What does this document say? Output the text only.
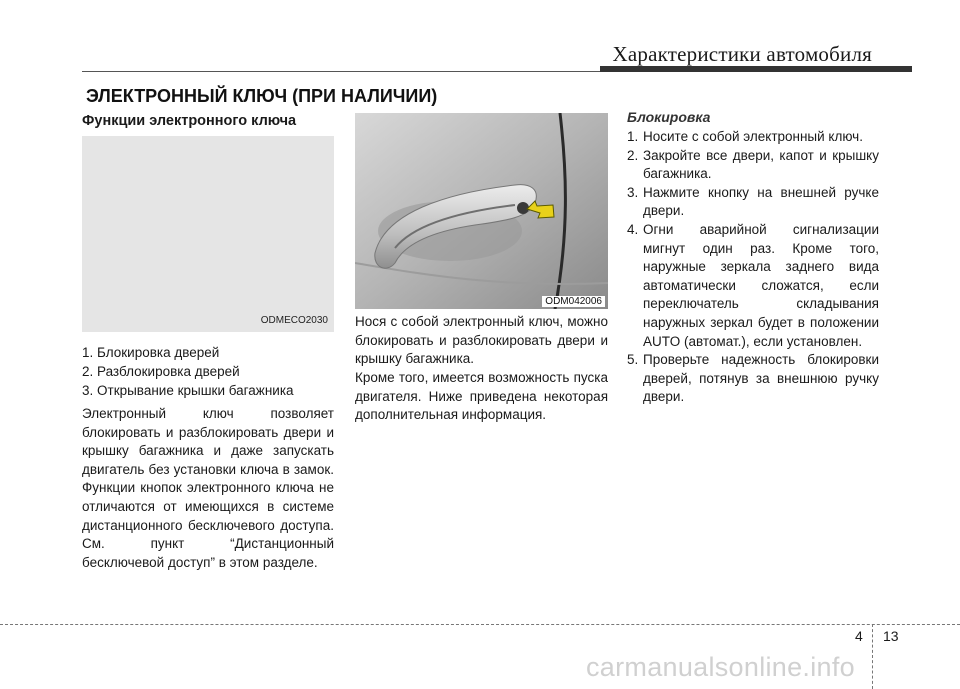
Характеристики автомобиля
ЭЛЕКТРОННЫЙ КЛЮЧ (ПРИ НАЛИЧИИ)
Функции электронного ключа
ODMECO2030
1. Блокировка дверей
2. Разблокировка дверей
3. Открывание крышки багажника
Электронный ключ позволяет блокировать и разблокировать двери и крышку багажника и даже запускать двигатель без установки ключа в замок. Функции кнопок электронного ключа не отличаются от имеющихся в системе дистанционного бесключевого доступа. См. пункт “Дистанционный бесключевой доступ” в этом разделе.
ODM042006
Нося с собой электронный ключ, можно блокировать и разблокировать двери и крышку багажника.
Кроме того, имеется возможность пуска двигателя. Ниже приведена некоторая дополнительная информация.
Блокировка
1. Носите с собой электронный ключ.
2. Закройте все двери, капот и крышку багажника.
3. Нажмите кнопку на внешней ручке двери.
4. Огни аварийной сигнализации мигнут один раз. Кроме того, наружные зеркала заднего вида автоматически сложатся, если переключатель складывания наружных зеркал будет в положении AUTO (автомат.), если установлен.
5. Проверьте надежность блокировки дверей, потянув за внешнюю ручку двери.
4 13
carmanualsonline.info
